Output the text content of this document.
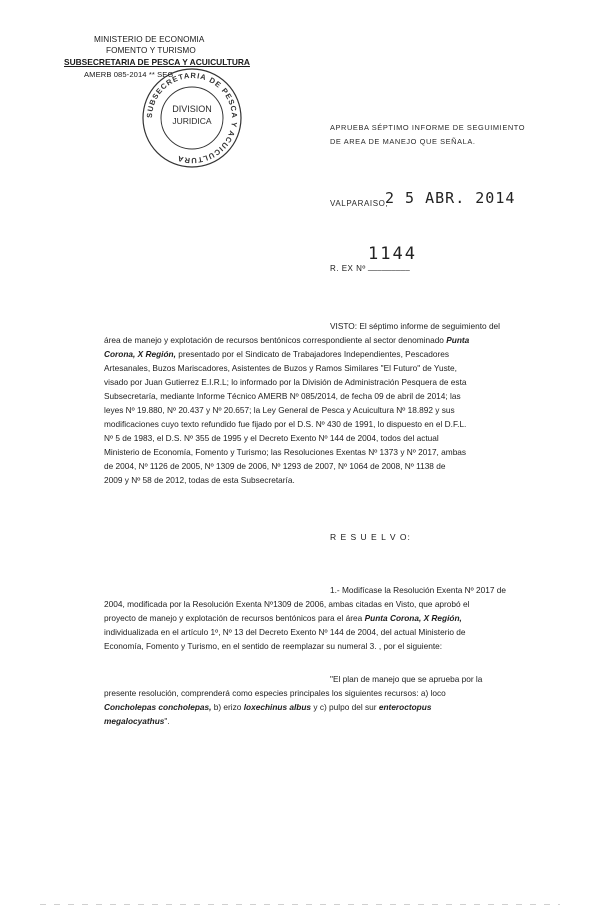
MINISTERIO DE ECONOMIA
FOMENTO Y TURISMO
SUBSECRETARIA DE PESCA Y ACUICULTURA
AMERB 085-2014 ** SEG
SUBSECRETARIA DE PESCA Y ACUICULTURA
DIVISION
JURIDICA
APRUEBA SÉPTIMO INFORME DE SEGUIMIENTO
DE AREA DE MANEJO QUE SEÑALA.
VALPARAISO,
2 5 ABR. 2014
1144
R. EX Nº _________
VISTO: El séptimo informe de seguimiento del
área de manejo y explotación de recursos bentónicos correspondiente al sector denominado Punta
Corona, X Región, presentado por el Sindicato de Trabajadores Independientes, Pescadores
Artesanales, Buzos Mariscadores, Asistentes de Buzos y Ramos Similares "El Futuro" de Yuste,
visado por Juan Gutierrez E.I.R.L; lo informado por la División de Administración Pesquera de esta
Subsecretaría, mediante Informe Técnico AMERB Nº 085/2014, de fecha 09 de abril de 2014; las
leyes Nº 19.880, Nº 20.437 y Nº 20.657; la Ley General de Pesca y Acuicultura Nº 18.892 y sus
modificaciones cuyo texto refundido fue fijado por el D.S. Nº 430 de 1991, lo dispuesto en el D.F.L.
Nº 5 de 1983, el D.S. Nº 355 de 1995 y el Decreto Exento Nº 144 de 2004, todos del actual
Ministerio de Economía, Fomento y Turismo; las Resoluciones Exentas Nº 1373 y Nº 2017, ambas
de 2004, Nº 1126 de 2005, Nº 1309 de 2006, Nº 1293 de 2007, Nº 1064 de 2008, Nº 1138 de
2009 y Nº 58 de 2012, todas de esta Subsecretaría.
R E S U E L V O:
1.- Modifícase la Resolución Exenta Nº 2017 de
2004, modificada por la Resolución Exenta Nº1309 de 2006, ambas citadas en Visto, que aprobó el
proyecto de manejo y explotación de recursos bentónicos para el área Punta Corona, X Región,
individualizada en el artículo 1º, Nº 13 del Decreto Exento Nº 144 de 2004, del actual Ministerio de
Economía, Fomento y Turismo, en el sentido de reemplazar su numeral 3. , por el siguiente:
"El plan de manejo que se aprueba por la
presente resolución, comprenderá como especies principales los siguientes recursos: a) loco
Concholepas concholepas, b) erizo loxechinus albus y c) pulpo del sur enteroctopus
megalocyathus".
